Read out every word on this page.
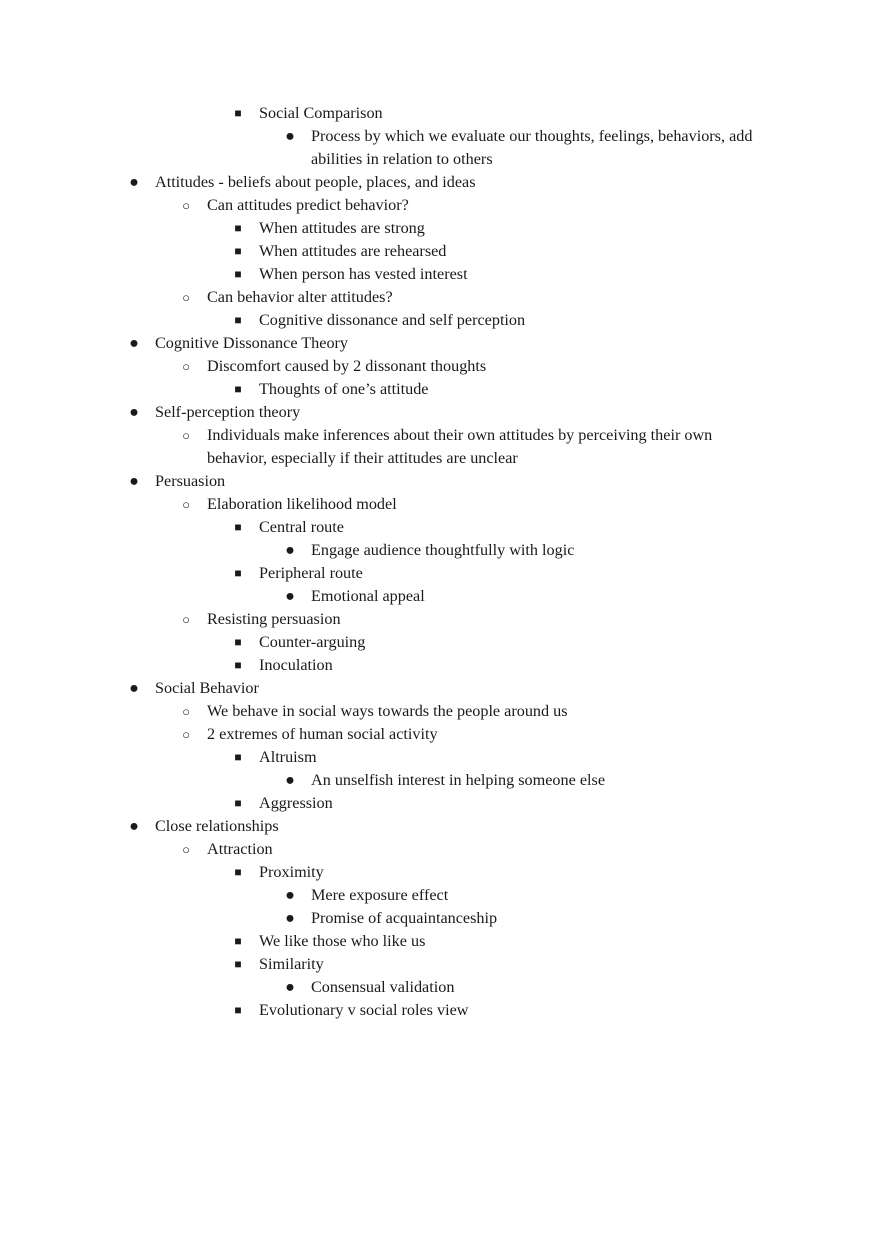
■ Social Comparison
● Process by which we evaluate our thoughts, feelings, behaviors, add abilities in relation to others
● Attitudes - beliefs about people, places, and ideas
○ Can attitudes predict behavior?
■ When attitudes are strong
■ When attitudes are rehearsed
■ When person has vested interest
○ Can behavior alter attitudes?
■ Cognitive dissonance and self perception
● Cognitive Dissonance Theory
○ Discomfort caused by 2 dissonant thoughts
■ Thoughts of one’s attitude
● Self-perception theory
○ Individuals make inferences about their own attitudes by perceiving their own behavior, especially if their attitudes are unclear
● Persuasion
○ Elaboration likelihood model
■ Central route
● Engage audience thoughtfully with logic
■ Peripheral route
● Emotional appeal
○ Resisting persuasion
■ Counter-arguing
■ Inoculation
● Social Behavior
○ We behave in social ways towards the people around us
○ 2 extremes of human social activity
■ Altruism
● An unselfish interest in helping someone else
■ Aggression
● Close relationships
○ Attraction
■ Proximity
● Mere exposure effect
● Promise of acquaintanceship
■ We like those who like us
■ Similarity
● Consensual validation
■ Evolutionary v social roles view
